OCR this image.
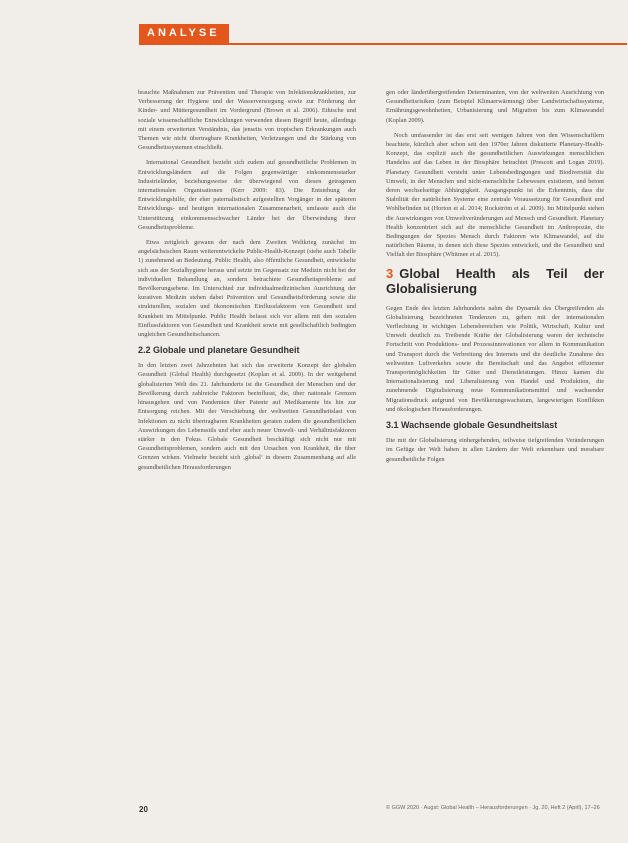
ANALYSE

brauchte Maßnahmen zur Prävention und Therapie von Infektionskrankheiten, zur Verbesserung der Hygiene und der Wasserversorgung sowie zur Förderung der Kinder- und Müttergesundheit im Vordergrund (Brown et al. 2006). Ethische und soziale wissenschaftliche Entwicklungen verwenden diesen Begriff heute, allerdings mit einem erweiterten Verständnis, das jenseits von tropischen Erkrankungen auch Themen wie nicht übertragbare Krankheiten, Verletzungen und die Stärkung von Gesundheitssystemen einschließt.

International Gesundheit bezieht sich zudem auf gesundheitliche Problemen in Entwicklungsländern auf die Folgen gegenwärtiger einkommensstarker Industrieländer, beziehungsweise der überwiegend von diesen getragenen internationalen Organisationen (Kerr 2009: 83). Die Entstehung der Entwicklungshilfe, der eher paternalistisch aufgestellten Vorgänger in der späteren Entwicklungs- und heutigen internationalen Zusammenarbeit, umfasste auch die Unterstützung einkommensschwacher Länder bei der Überwindung ihrer Gesundheitsprobleme.

Etwa zeitgleich gewann der nach dem Zweiten Weltkrieg zunächst im angelsächsischen Raum weiterentwickelte Public-Health-Konzept (siehe auch Tabelle 1) zunehmend an Bedeutung. Public Health, also öffentliche Gesundheit, entwickelte sich aus der Sozialhygiene heraus und setzte im Gegensatz zur Medizin nicht bei der individuellen Behandlung an, sondern betrachtete Gesundheitsprobleme auf Bevölkerungsebene. Im Unterschied zur individualmedizinischen Ausrichtung der kurativen Medizin stehen dabei Prävention und Gesundheitsförderung sowie die strukturellen, sozialen und ökonomischen Einflussfaktoren von Gesundheit und Krankheit im Mittelpunkt. Public Health befasst sich vor allem mit den sozialen Einflussfaktoren von Gesundheit und Krankheit sowie mit gesellschaftlich bedingten ungleichen Gesundheitschancen.

2.2 Globale und planetare Gesundheit

In den letzten zwei Jahrzehnten hat sich das erweiterte Konzept der globalen Gesundheit (Global Health) durchgesetzt (Koplan et al. 2009). In der weitgehend globalisierten Welt des 21. Jahrhunderts ist die Gesundheit der Menschen und der Bevölkerung durch zahlreiche Faktoren beeinflusst, die, über nationale Grenzen hinausgehen und von Pandemien über Patente auf Medikamente bis hin zur Entsorgung reichen. Mit der Verschiebung der weltweiten Gesundheitslast von Infektionen zu nicht übertragbaren Krankheiten geraten zudem die gesundheitlichen Auswirkungen des Lebensstils und eher auch neuer Umwelt- und Verhältnisfaktoren stärker in den Fokus. Globale Gesundheit beschäftigt sich nicht nur mit Gesundheitsproblemen, sondern auch mit den Ursachen von Krankheit, die über Grenzen wirken. Vielmehr bezieht sich ‚global‘ in diesem Zusammenhang auf alle gesundheitlichen Herausforderungen

gen oder länderübergreifenden Determinanten, von der weltweiten Ausrichtung von Gesundheitsrisiken (zum Beispiel Klimaerwärmung) über Landwirtschaftssysteme, Ernährungsgewohnheiten, Urbanisierung und Migration bis zum Klimawandel (Koplan 2009).

Noch umfassender ist das erst seit wenigen Jahren von den Wissenschaftlern beachtete, kürzlich aber schon seit den 1970er Jahren diskutierte Planetary-Health-Konzept, das explizit auch die gesundheitlichen Auswirkungen menschlichen Handelns auf das Leben in der Biosphäre betrachtet (Prescott and Logan 2019). Planetary Gesundheit versteht unter Lebensbedingungen und Biodiversität die Umwelt, in der Menschen und nicht-menschliche Lebewesen existieren, und betont deren wechselseitige Abhängigkeit. Ausgangspunkt ist die Erkenntnis, dass die Stabilität der natürlichen Systeme eine zentrale Voraussetzung für Gesundheit und Wohlbefinden ist (Horton et al. 2014; Rockström et al. 2009). Im Mittelpunkt stehen die Auswirkungen von Umweltveränderungen auf Mensch und Gesundheit. Planetary Health konzentriert sich auf die menschliche Gesundheit im Anthropozän, die Bedingungen der Spezies Mensch durch Faktoren wie Klimawandel, auf die natürlichen Räume, in denen sich diese Spezies entwickelt, und die Gesundheit und Vielfalt der Biosphäre (Whitmee et al. 2015).

3 Global Health als Teil der Globalisierung

Gegen Ende des letzten Jahrhunderts nahm die Dynamik des Übergreifenden als Globalisierung bezeichneten Tendenzen zu, gehen mit der internationalen Verflechtung in wichtigen Lebensbereichen wie Politik, Wirtschaft, Kultur und Umwelt deutlich zu. Treibende Kräfte der Globalisierung waren der technische Fortschritt von Produktions- und Prozessinnovationen vor allem in Kommunikation und Transport durch die Verbreitung des Internets und die deutliche Zunahme des weltweiten Luftverkehrs sowie die Bereitschaft und das Angebot effizienter Transportmöglichkeiten für Güter und Dienstleistungen. Hinzu kamen die Internationalisierung und Liberalisierung von Handel und Produktion, die zunehmende Digitalisierung neue Kommunikationsmittel und wachsender Migrationsdruck aufgrund von Bevölkerungswachstum, langewierigen Konflikten und ökologischen Herausforderungen.

3.1 Wachsende globale Gesundheitslast

Die mit der Globalisierung einhergehenden, teilweise tiefgreifenden Veränderungen im Gefüge der Welt haben in allen Ländern der Welt erkennbare und messbare gesundheitliche Folgen

20	© GGW 2020 · Augst: Global Health – Herausforderungen · Jg. 20, Heft 2 (April), 17–26
